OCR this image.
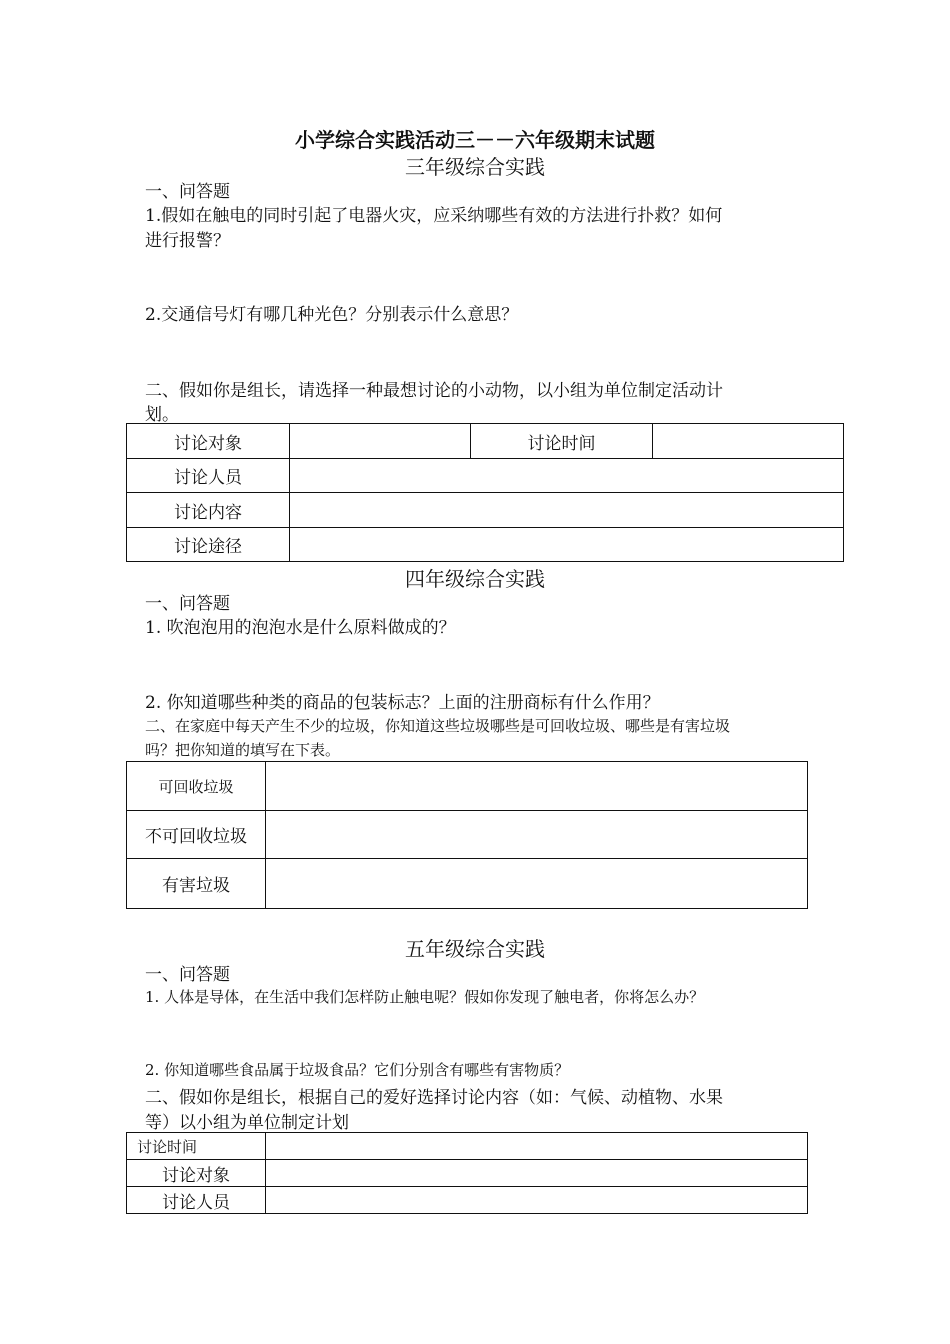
小学综合实践活动三－－六年级期末试题
三年级综合实践
一、问答题
1.假如在触电的同时引起了电器火灾，应采纳哪些有效的方法进行扑救？如何
进行报警？
2.交通信号灯有哪几种光色？分别表示什么意思？
二、假如你是组长，请选择一种最想讨论的小动物，以小组为单位制定活动计
划。
讨论对象		讨论时间	
讨论人员			
讨论内容			
讨论途径			
四年级综合实践
一、问答题
1. 吹泡泡用的泡泡水是什么原料做成的？
2. 你知道哪些种类的商品的包装标志？上面的注册商标有什么作用？
二、在家庭中每天产生不少的垃圾，你知道这些垃圾哪些是可回收垃圾、哪些是有害垃圾
吗？把你知道的填写在下表。
可回收垃圾	
不可回收垃圾	
有害垃圾	
五年级综合实践
一、问答题
1. 人体是导体，在生活中我们怎样防止触电呢？假如你发现了触电者，你将怎么办？
2. 你知道哪些食品属于垃圾食品？它们分别含有哪些有害物质？
二、假如你是组长，根据自己的爱好选择讨论内容（如：气候、动植物、水果
等）以小组为单位制定计划
讨论时间	
讨论对象	
讨论人员	
